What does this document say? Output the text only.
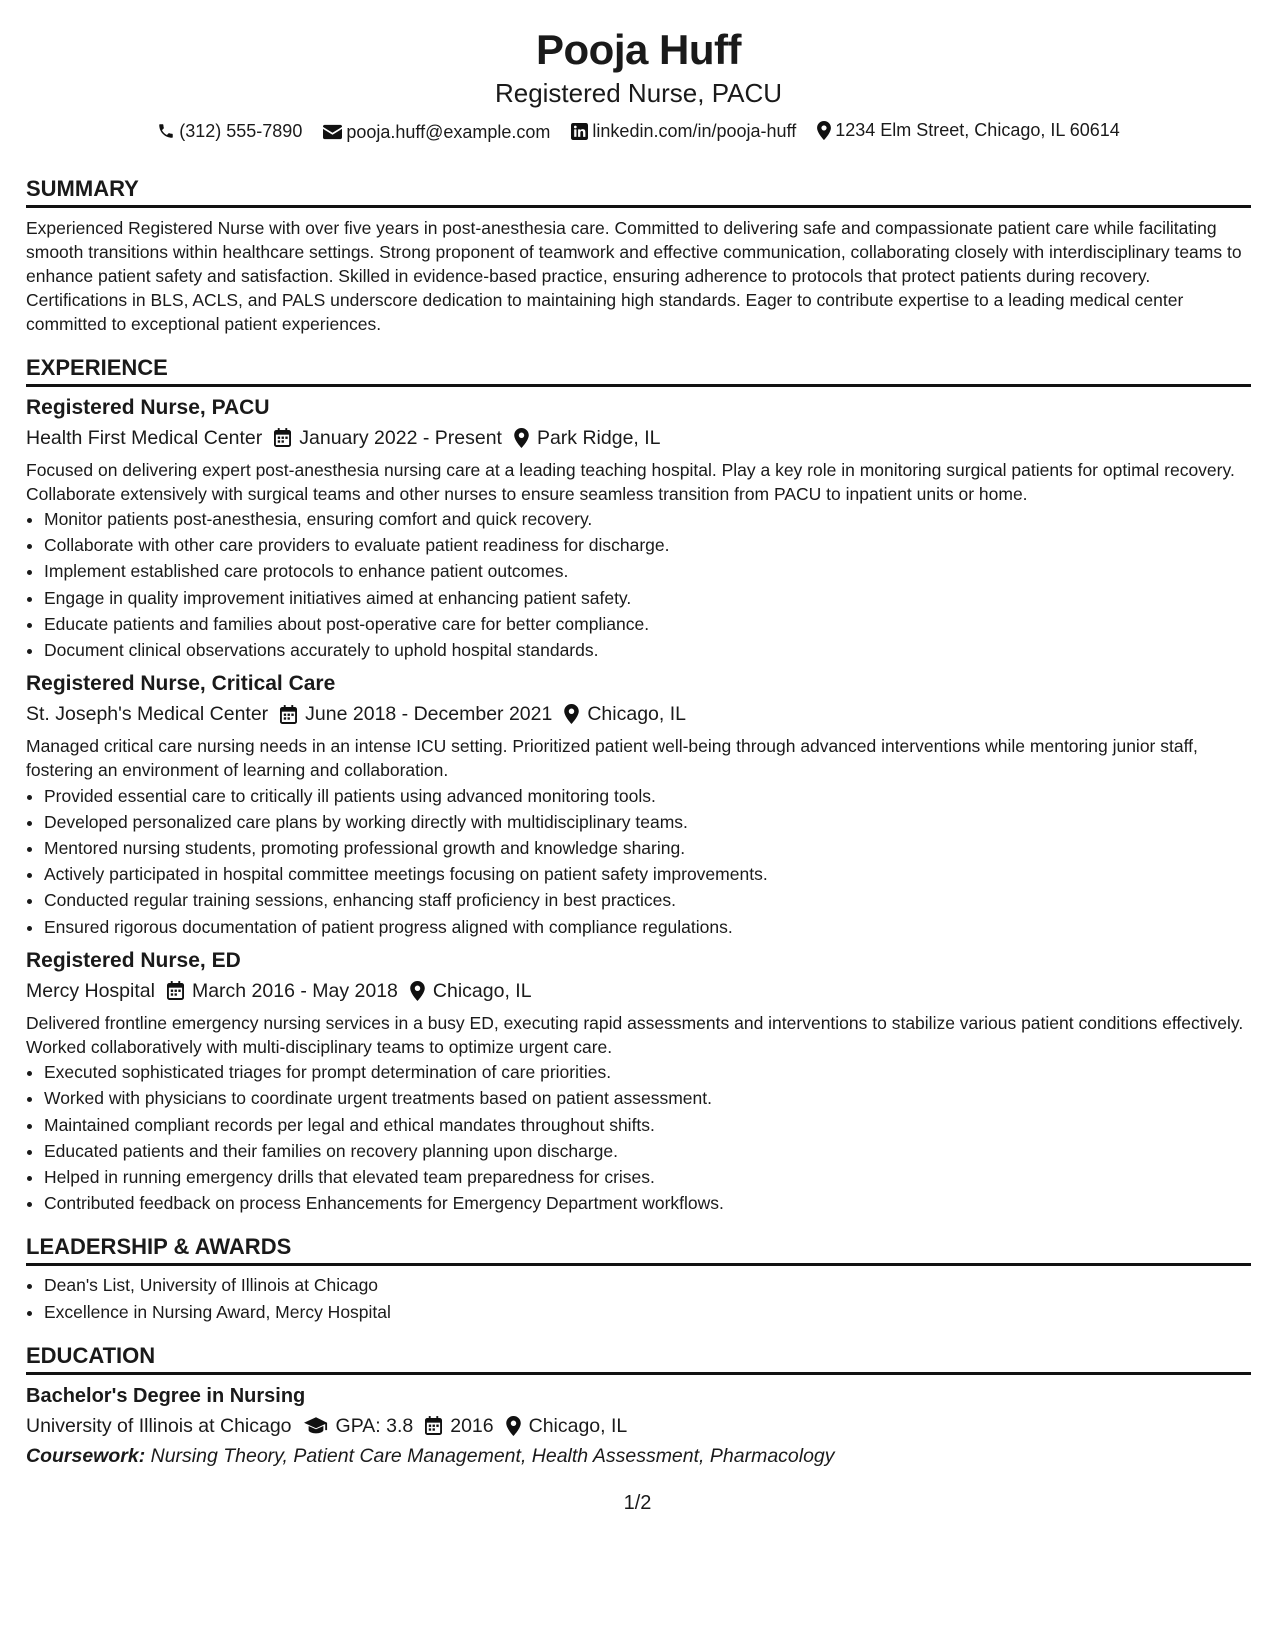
Pooja Huff
Registered Nurse, PACU
(312) 555-7890
pooja.huff@example.com
linkedin.com/in/pooja-huff
1234 Elm Street, Chicago, IL 60614
SUMMARY
Experienced Registered Nurse with over five years in post-anesthesia care. Committed to delivering safe and compassionate patient care while facilitating smooth transitions within healthcare settings. Strong proponent of teamwork and effective communication, collaborating closely with interdisciplinary teams to enhance patient safety and satisfaction. Skilled in evidence-based practice, ensuring adherence to protocols that protect patients during recovery. Certifications in BLS, ACLS, and PALS underscore dedication to maintaining high standards. Eager to contribute expertise to a leading medical center committed to exceptional patient experiences.
EXPERIENCE
Registered Nurse, PACU
Health First Medical Center January 2022 - Present Park Ridge, IL
Focused on delivering expert post-anesthesia nursing care at a leading teaching hospital. Play a key role in monitoring surgical patients for optimal recovery. Collaborate extensively with surgical teams and other nurses to ensure seamless transition from PACU to inpatient units or home.
• Monitor patients post-anesthesia, ensuring comfort and quick recovery.
• Collaborate with other care providers to evaluate patient readiness for discharge.
• Implement established care protocols to enhance patient outcomes.
• Engage in quality improvement initiatives aimed at enhancing patient safety.
• Educate patients and families about post-operative care for better compliance.
• Document clinical observations accurately to uphold hospital standards.
Registered Nurse, Critical Care
St. Joseph's Medical Center June 2018 - December 2021 Chicago, IL
Managed critical care nursing needs in an intense ICU setting. Prioritized patient well-being through advanced interventions while mentoring junior staff, fostering an environment of learning and collaboration.
• Provided essential care to critically ill patients using advanced monitoring tools.
• Developed personalized care plans by working directly with multidisciplinary teams.
• Mentored nursing students, promoting professional growth and knowledge sharing.
• Actively participated in hospital committee meetings focusing on patient safety improvements.
• Conducted regular training sessions, enhancing staff proficiency in best practices.
• Ensured rigorous documentation of patient progress aligned with compliance regulations.
Registered Nurse, ED
Mercy Hospital March 2016 - May 2018 Chicago, IL
Delivered frontline emergency nursing services in a busy ED, executing rapid assessments and interventions to stabilize various patient conditions effectively. Worked collaboratively with multi-disciplinary teams to optimize urgent care.
• Executed sophisticated triages for prompt determination of care priorities.
• Worked with physicians to coordinate urgent treatments based on patient assessment.
• Maintained compliant records per legal and ethical mandates throughout shifts.
• Educated patients and their families on recovery planning upon discharge.
• Helped in running emergency drills that elevated team preparedness for crises.
• Contributed feedback on process Enhancements for Emergency Department workflows.
LEADERSHIP & AWARDS
• Dean's List, University of Illinois at Chicago
• Excellence in Nursing Award, Mercy Hospital
EDUCATION
Bachelor's Degree in Nursing
University of Illinois at Chicago GPA: 3.8 2016 Chicago, IL
Coursework: Nursing Theory, Patient Care Management, Health Assessment, Pharmacology
1/2
